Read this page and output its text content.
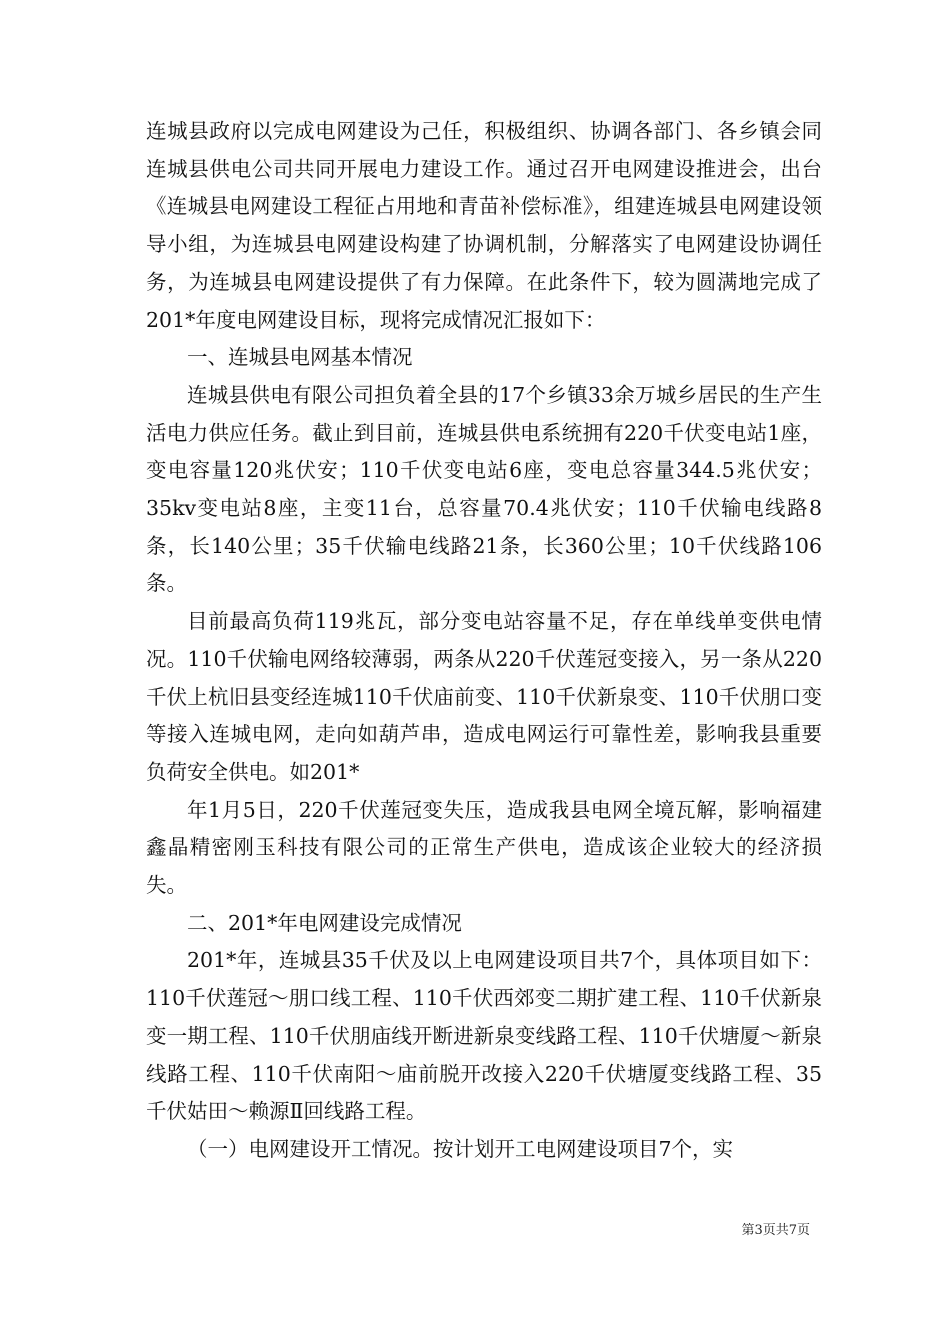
连城县政府以完成电网建设为己任，积极组织、协调各部门、各乡镇会同连城县供电公司共同开展电力建设工作。通过召开电网建设推进会，出台《连城县电网建设工程征占用地和青苗补偿标准》，组建连城县电网建设领导小组，为连城县电网建设构建了协调机制，分解落实了电网建设协调任务，为连城县电网建设提供了有力保障。在此条件下，较为圆满地完成了201*年度电网建设目标，现将完成情况汇报如下：

一、连城县电网基本情况

连城县供电有限公司担负着全县的17个乡镇33余万城乡居民的生产生活电力供应任务。截止到目前，连城县供电系统拥有220千伏变电站1座，变电容量120兆伏安；110千伏变电站6座，变电总容量344.5兆伏安；35kv变电站8座，主变11台，总容量70.4兆伏安；110千伏输电线路8条，长140公里；35千伏输电线路21条，长360公里；10千伏线路106条。

目前最高负荷119兆瓦，部分变电站容量不足，存在单线单变供电情况。110千伏输电网络较薄弱，两条从220千伏莲冠变接入，另一条从220千伏上杭旧县变经连城110千伏庙前变、110千伏新泉变、110千伏朋口变等接入连城电网，走向如葫芦串，造成电网运行可靠性差，影响我县重要负荷安全供电。如201*

年1月5日，220千伏莲冠变失压，造成我县电网全境瓦解，影响福建鑫晶精密刚玉科技有限公司的正常生产供电，造成该企业较大的经济损失。

二、201*年电网建设完成情况

201*年，连城县35千伏及以上电网建设项目共7个，具体项目如下：110千伏莲冠～朋口线工程、110千伏西郊变二期扩建工程、110千伏新泉变一期工程、110千伏朋庙线开断进新泉变线路工程、110千伏塘厦～新泉线路工程、110千伏南阳～庙前脱开改接入220千伏塘厦变线路工程、35千伏姑田～赖源Ⅱ回线路工程。

（一）电网建设开工情况。按计划开工电网建设项目7个，实

第3页共7页
